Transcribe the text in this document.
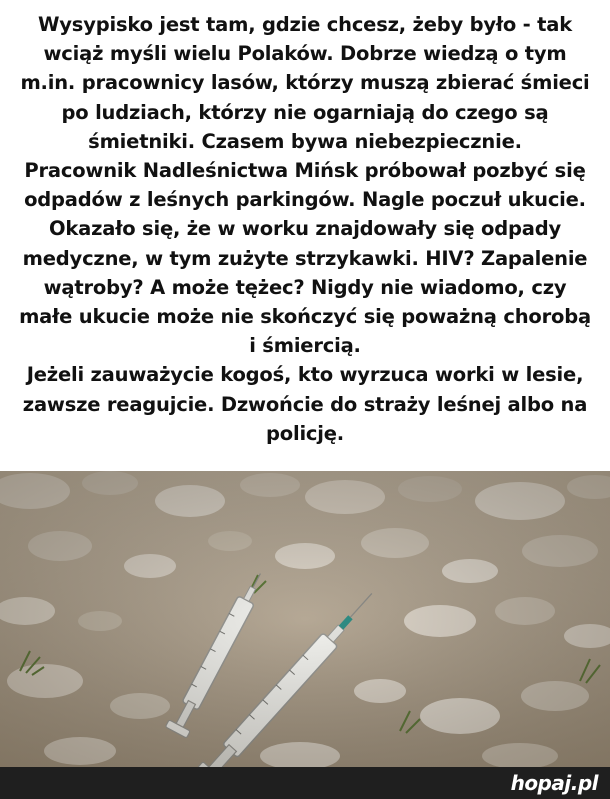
Wysypisko jest tam, gdzie chcesz, żeby było - tak wciąż myśli wielu Polaków. Dobrze wiedzą o tym m.in. pracownicy lasów, którzy muszą zbierać śmieci po ludziach, którzy nie ogarniają do czego są śmietniki. Czasem bywa niebezpiecznie.

Pracownik Nadleśnictwa Mińsk próbował pozbyć się odpadów z leśnych parkingów. Nagle poczuł ukucie. Okazało się, że w worku znajdowały się odpady medyczne, w tym zużyte strzykawki. HIV? Zapalenie wątroby? A może tężec? Nigdy nie wiadomo, czy małe ukucie może nie skończyć się poważną chorobą i śmiercią.

Jeżeli zauważycie kogoś, kto wyrzuca worki w lesie, zawsze reagujcie. Dzwońcie do straży leśnej albo na policję.

hopaj.pl
